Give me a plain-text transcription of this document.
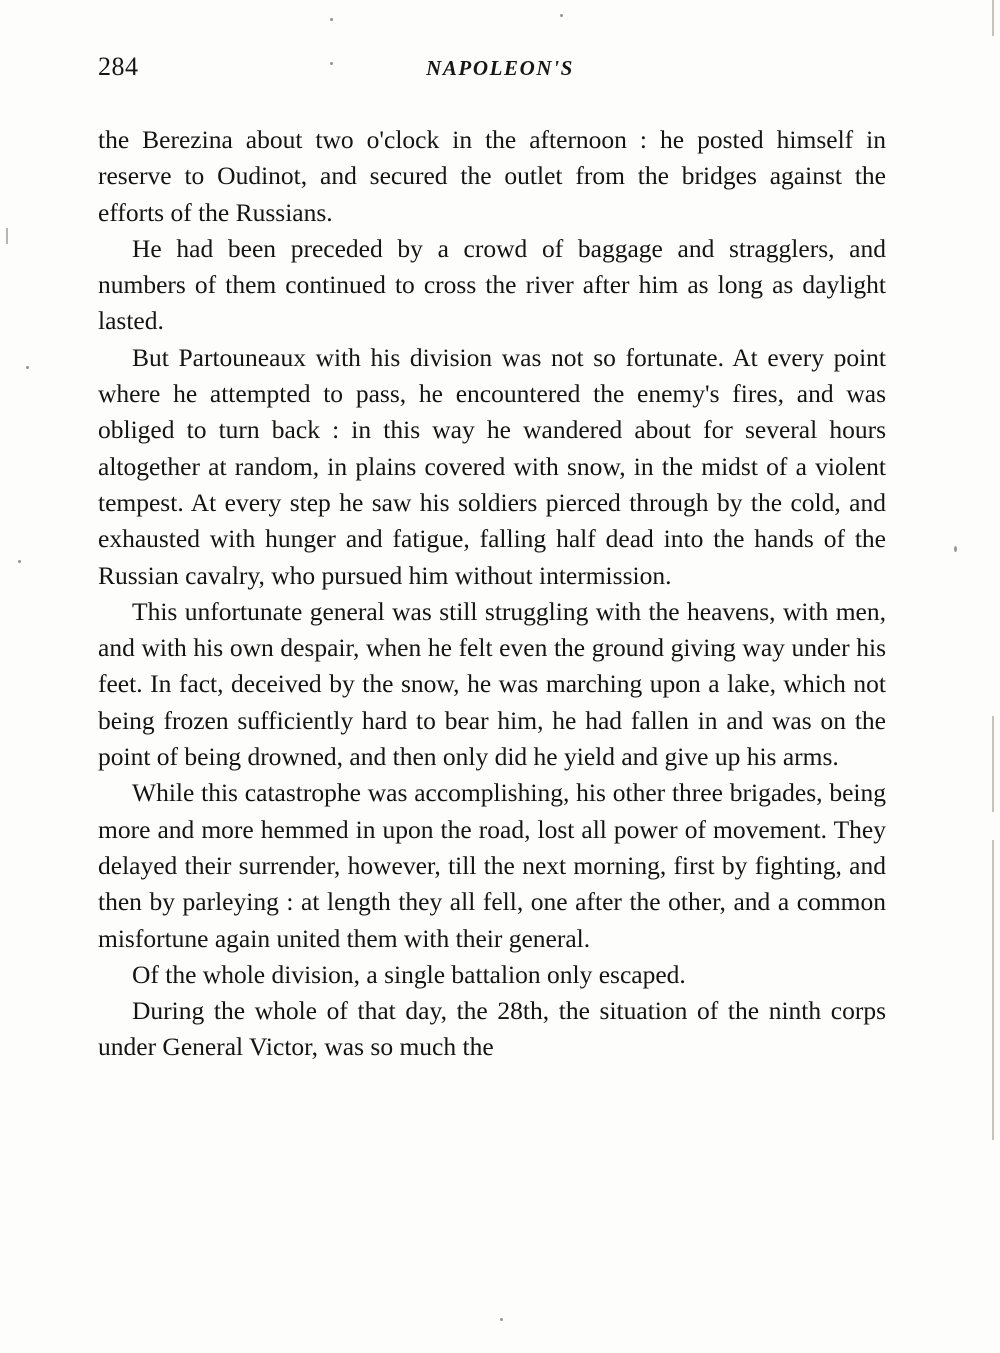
284	NAPOLEON'S

the Berezina about two o'clock in the afternoon : he posted himself in reserve to Oudinot, and secured the outlet from the bridges against the efforts of the Russians.

He had been preceded by a crowd of baggage and stragglers, and numbers of them continued to cross the river after him as long as daylight lasted.

But Partouneaux with his division was not so fortunate. At every point where he attempted to pass, he encountered the enemy's fires, and was obliged to turn back : in this way he wandered about for several hours altogether at random, in plains covered with snow, in the midst of a violent tempest. At every step he saw his soldiers pierced through by the cold, and exhausted with hunger and fatigue, falling half dead into the hands of the Russian cavalry, who pursued him without intermission.

This unfortunate general was still struggling with the heavens, with men, and with his own despair, when he felt even the ground giving way under his feet. In fact, deceived by the snow, he was marching upon a lake, which not being frozen sufficiently hard to bear him, he had fallen in and was on the point of being drowned, and then only did he yield and give up his arms.

While this catastrophe was accomplishing, his other three brigades, being more and more hemmed in upon the road, lost all power of movement. They delayed their surrender, however, till the next morning, first by fighting, and then by parleying : at length they all fell, one after the other, and a common misfortune again united them with their general.

Of the whole division, a single battalion only escaped.

During the whole of that day, the 28th, the situation of the ninth corps under General Victor, was so much the
